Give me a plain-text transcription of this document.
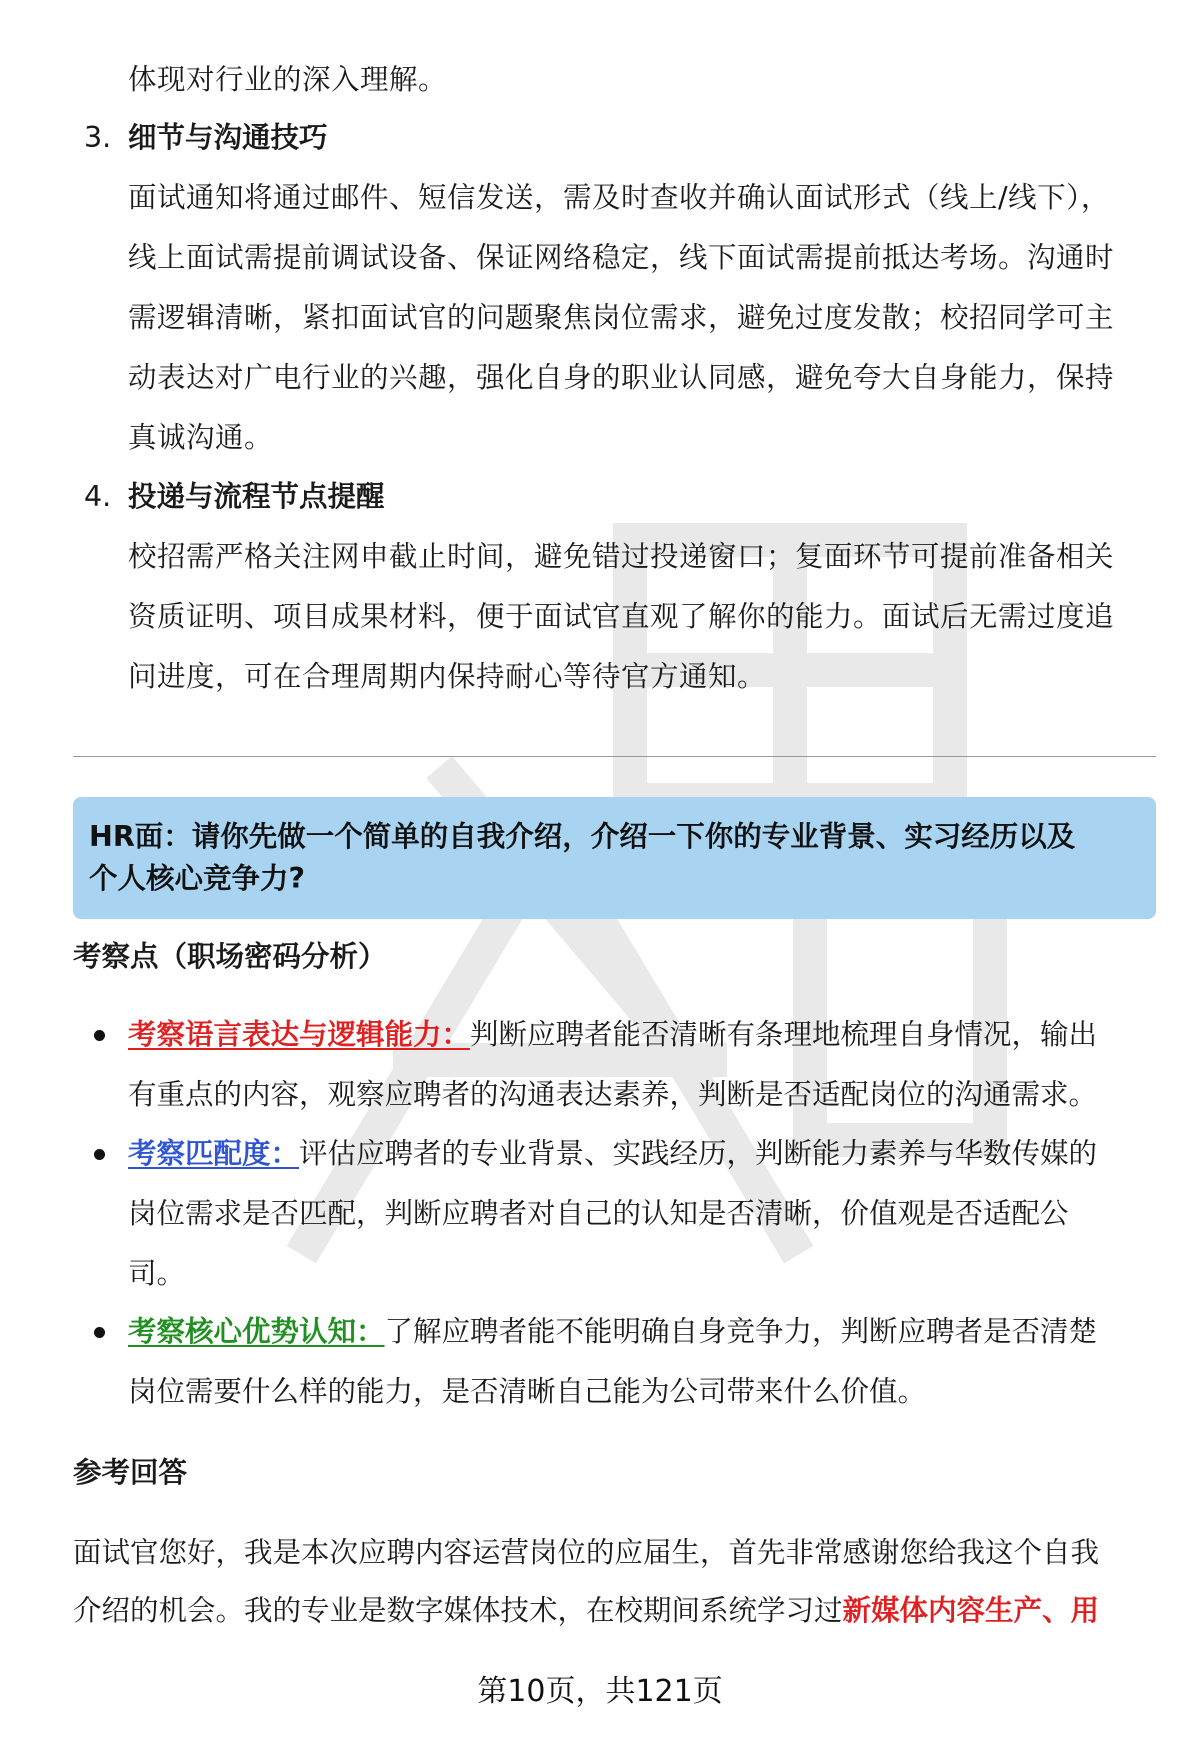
体现对行业的深入理解。
3. 细节与沟通技巧
面试通知将通过邮件、短信发送，需及时查收并确认面试形式（线上/线下），
线上面试需提前调试设备、保证网络稳定，线下面试需提前抵达考场。沟通时
需逻辑清晰，紧扣面试官的问题聚焦岗位需求，避免过度发散；校招同学可主
动表达对广电行业的兴趣，强化自身的职业认同感，避免夸大自身能力，保持
真诚沟通。
4. 投递与流程节点提醒
校招需严格关注网申截止时间，避免错过投递窗口；复面环节可提前准备相关
资质证明、项目成果材料，便于面试官直观了解你的能力。面试后无需过度追
问进度，可在合理周期内保持耐心等待官方通知。
HR面：请你先做一个简单的自我介绍，介绍一下你的专业背景、实习经历以及
个人核心竞争力?
考察点（职场密码分析）
考察语言表达与逻辑能力：判断应聘者能否清晰有条理地梳理自身情况，输出
有重点的内容，观察应聘者的沟通表达素养，判断是否适配岗位的沟通需求。
考察匹配度：评估应聘者的专业背景、实践经历，判断能力素养与华数传媒的
岗位需求是否匹配，判断应聘者对自己的认知是否清晰，价值观是否适配公
司。
考察核心优势认知：了解应聘者能不能明确自身竞争力，判断应聘者是否清楚
岗位需要什么样的能力，是否清晰自己能为公司带来什么价值。
参考回答
面试官您好，我是本次应聘内容运营岗位的应届生，首先非常感谢您给我这个自我
介绍的机会。我的专业是数字媒体技术，在校期间系统学习过新媒体内容生产、用
第10页，共121页
